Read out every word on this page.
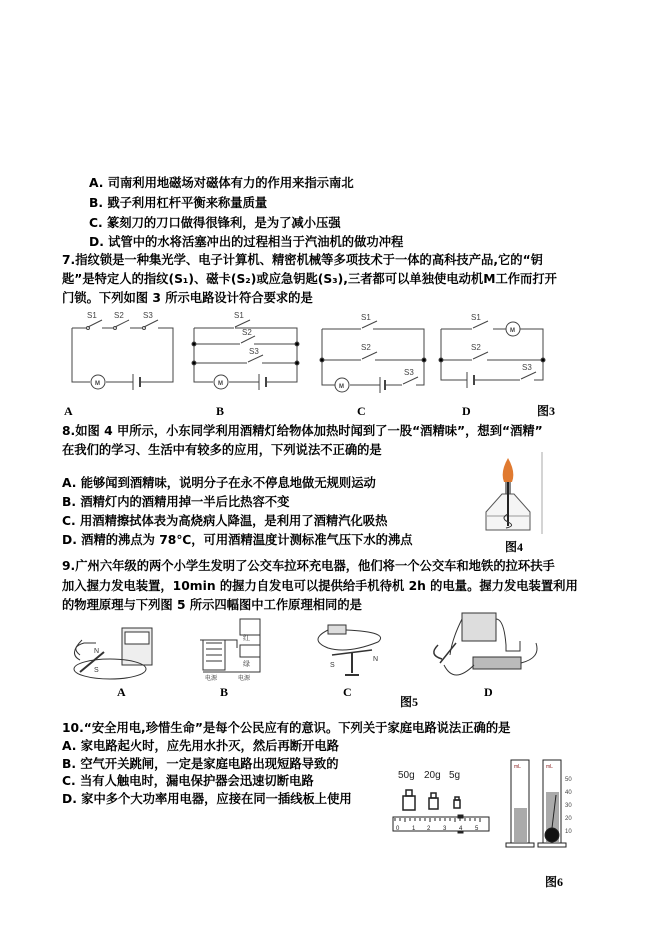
A. 司南利用地磁场对磁体有力的作用来指示南北
B. 戥子利用杠杆平衡来称量质量
C. 篆刻刀的刀口做得很锋利，是为了减小压强
D. 试管中的水将活塞冲出的过程相当于汽油机的做功冲程
7.指纹锁是一种集光学、电子计算机、精密机械等多项技术于一体的高科技产品,它的“钥
匙”是特定人的指纹(S₁)、磁卡(S₂)或应急钥匙(S₃),三者都可以单独使电动机M工作而打开
门锁。下列如图 3 所示电路设计符合要求的是
S1 S2 S3
M
S1
S2
S3
M
S1
S2
S3
M
S1
S2
S3
M
A	B	C	D	图3
8.如图 4 甲所示，小东同学利用酒精灯给物体加热时闻到了一股“酒精味”，想到“酒精”
在我们的学习、生活中有较多的应用，下列说法不正确的是
A. 能够闻到酒精味，说明分子在永不停息地做无规则运动
B. 酒精灯内的酒精用掉一半后比热容不变
C. 用酒精擦拭体表为高烧病人降温，是利用了酒精汽化吸热
D. 酒精的沸点为 78℃，可用酒精温度计测标准气压下水的沸点	图4
9.广州六年级的两个小学生发明了公交车拉环充电器，他们将一个公交车和地铁的拉环扶手
加入握力发电装置，10min 的握力自发电可以提供给手机待机 2h 的电量。握力发电装置利用
的物理原理与下列图 5 所示四幅图中工作原理相同的是
N
S
红
绿
电源	电源
S
N
A	B	C	D
图5
10.“安全用电,珍惜生命”是每个公民应有的意识。下列关于家庭电路说法正确的是
A. 家电路起火时，应先用水扑灭，然后再断开电路
B. 空气开关跳闸，一定是家庭电路出现短路导致的
C. 当有人触电时，漏电保护器会迅速切断电路
D. 家中多个大功率用电器，应接在同一插线板上使用
50g 20g 5g
0 1 2 3 4 5
mL	mL
10
20
30
40
50
图6
